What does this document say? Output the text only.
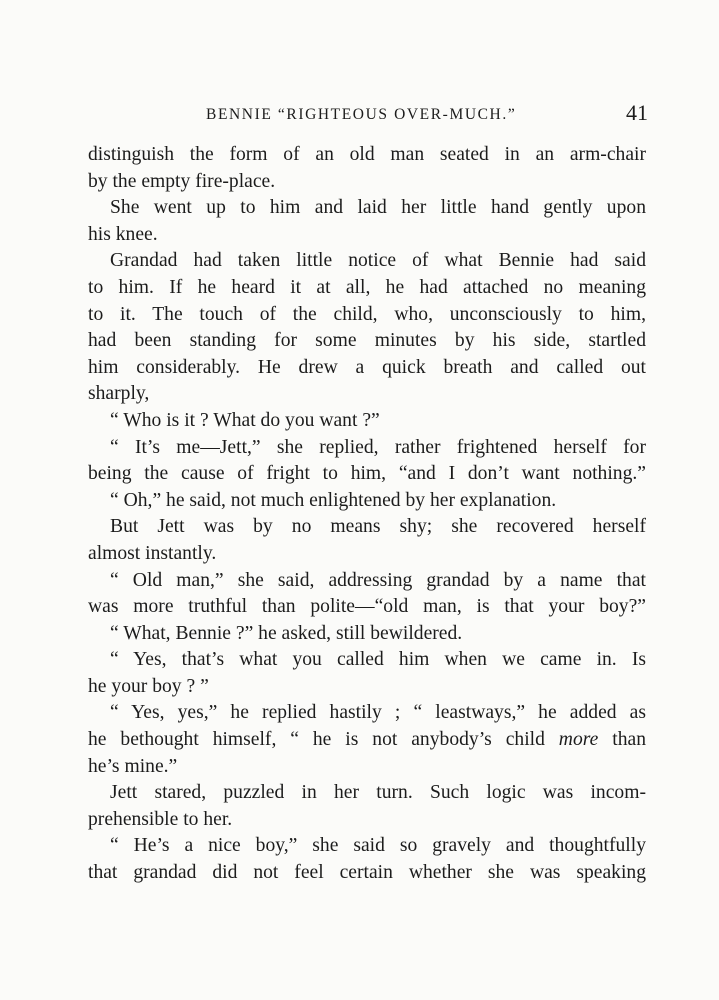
BENNIE “RIGHTEOUS OVER-MUCH.”	41
distinguish the form of an old man seated in an arm-chair
by the empty fire-place.
She went up to him and laid her little hand gently upon
his knee.
Grandad had taken little notice of what Bennie had said
to him. If he heard it at all, he had attached no meaning
to it. The touch of the child, who, unconsciously to him,
had been standing for some minutes by his side, startled
him considerably. He drew a quick breath and called out
sharply,
“ Who is it ? What do you want ?”
“ It’s me—Jett,” she replied, rather frightened herself for
being the cause of fright to him, “and I don’t want nothing.”
“ Oh,” he said, not much enlightened by her explanation.
But Jett was by no means shy; she recovered herself
almost instantly.
“ Old man,” she said, addressing grandad by a name that
was more truthful than polite—“old man, is that your boy?”
“ What, Bennie ?” he asked, still bewildered.
“ Yes, that’s what you called him when we came in. Is
he your boy ? ”
“ Yes, yes,” he replied hastily ; “ leastways,” he added as
he bethought himself, “ he is not anybody’s child more than
he’s mine.”
Jett stared, puzzled in her turn. Such logic was incom-
prehensible to her.
“ He’s a nice boy,” she said so gravely and thoughtfully
that grandad did not feel certain whether she was speaking
